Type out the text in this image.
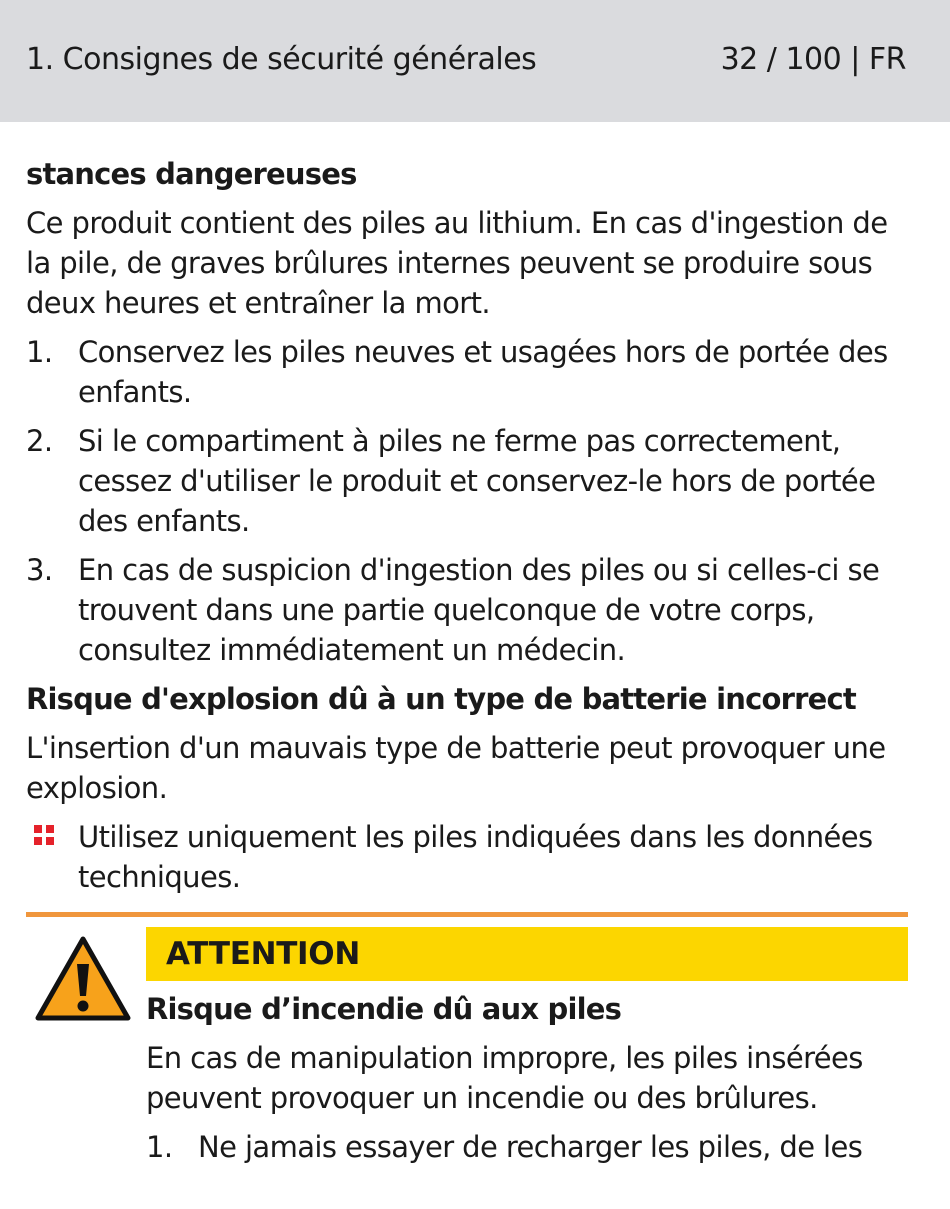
1. Consignes de sécurité générales	32 / 100 | FR
stances dangereuses
Ce produit contient des piles au lithium. En cas d'ingestion de la pile, de graves brûlures internes peuvent se produire sous deux heures et entraîner la mort.
1. Conservez les piles neuves et usagées hors de portée des enfants.
2. Si le compartiment à piles ne ferme pas correctement, cessez d'utiliser le produit et conservez-le hors de portée des enfants.
3. En cas de suspicion d'ingestion des piles ou si celles-ci se trouvent dans une partie quelconque de votre corps, consultez immédiatement un médecin.
Risque d'explosion dû à un type de batterie incorrect
L'insertion d'un mauvais type de batterie peut provoquer une explosion.
Utilisez uniquement les piles indiquées dans les données techniques.
ATTENTION
Risque d’incendie dû aux piles
En cas de manipulation impropre, les piles insérées peuvent provoquer un incendie ou des brûlures.
1. Ne jamais essayer de recharger les piles, de les
